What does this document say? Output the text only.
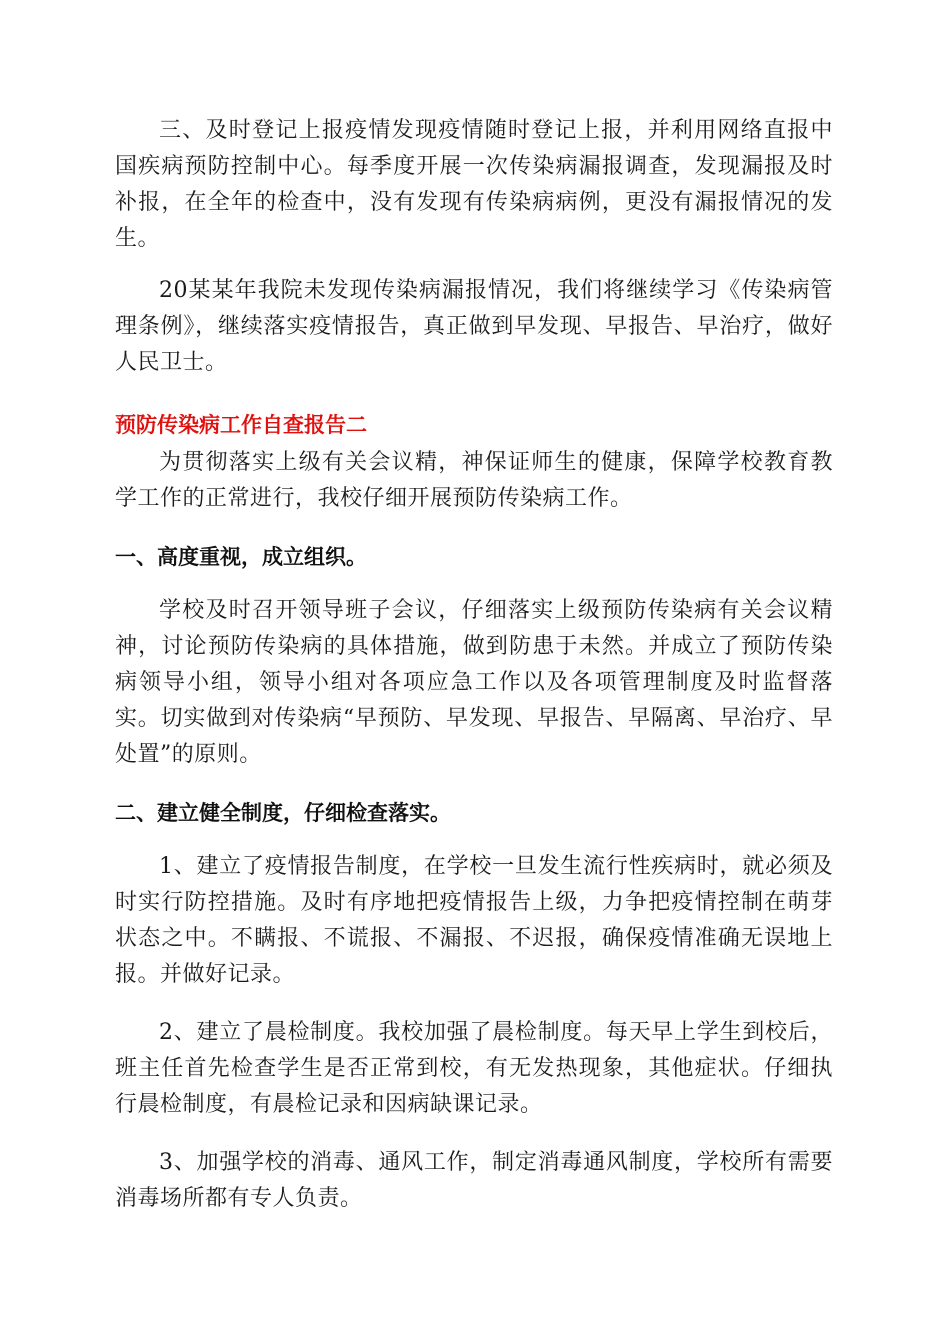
三、及时登记上报疫情发现疫情随时登记上报，并利用网络直报中国疾病预防控制中心。每季度开展一次传染病漏报调查，发现漏报及时补报，在全年的检查中，没有发现有传染病病例，更没有漏报情况的发生。

20某某年我院未发现传染病漏报情况，我们将继续学习《传染病管理条例》，继续落实疫情报告，真正做到早发现、早报告、早治疗，做好人民卫士。

预防传染病工作自查报告二

为贯彻落实上级有关会议精，神保证师生的健康，保障学校教育教学工作的正常进行，我校仔细开展预防传染病工作。

一、高度重视，成立组织。

学校及时召开领导班子会议，仔细落实上级预防传染病有关会议精神，讨论预防传染病的具体措施，做到防患于未然。并成立了预防传染病领导小组，领导小组对各项应急工作以及各项管理制度及时监督落实。切实做到对传染病“早预防、早发现、早报告、早隔离、早治疗、早处置”的原则。

二、建立健全制度，仔细检查落实。

1、建立了疫情报告制度，在学校一旦发生流行性疾病时，就必须及时实行防控措施。及时有序地把疫情报告上级，力争把疫情控制在萌芽状态之中。不瞒报、不谎报、不漏报、不迟报，确保疫情准确无误地上报。并做好记录。

2、建立了晨检制度。我校加强了晨检制度。每天早上学生到校后，班主任首先检查学生是否正常到校，有无发热现象，其他症状。仔细执行晨检制度，有晨检记录和因病缺课记录。

3、加强学校的消毒、通风工作，制定消毒通风制度，学校所有需要消毒场所都有专人负责。
